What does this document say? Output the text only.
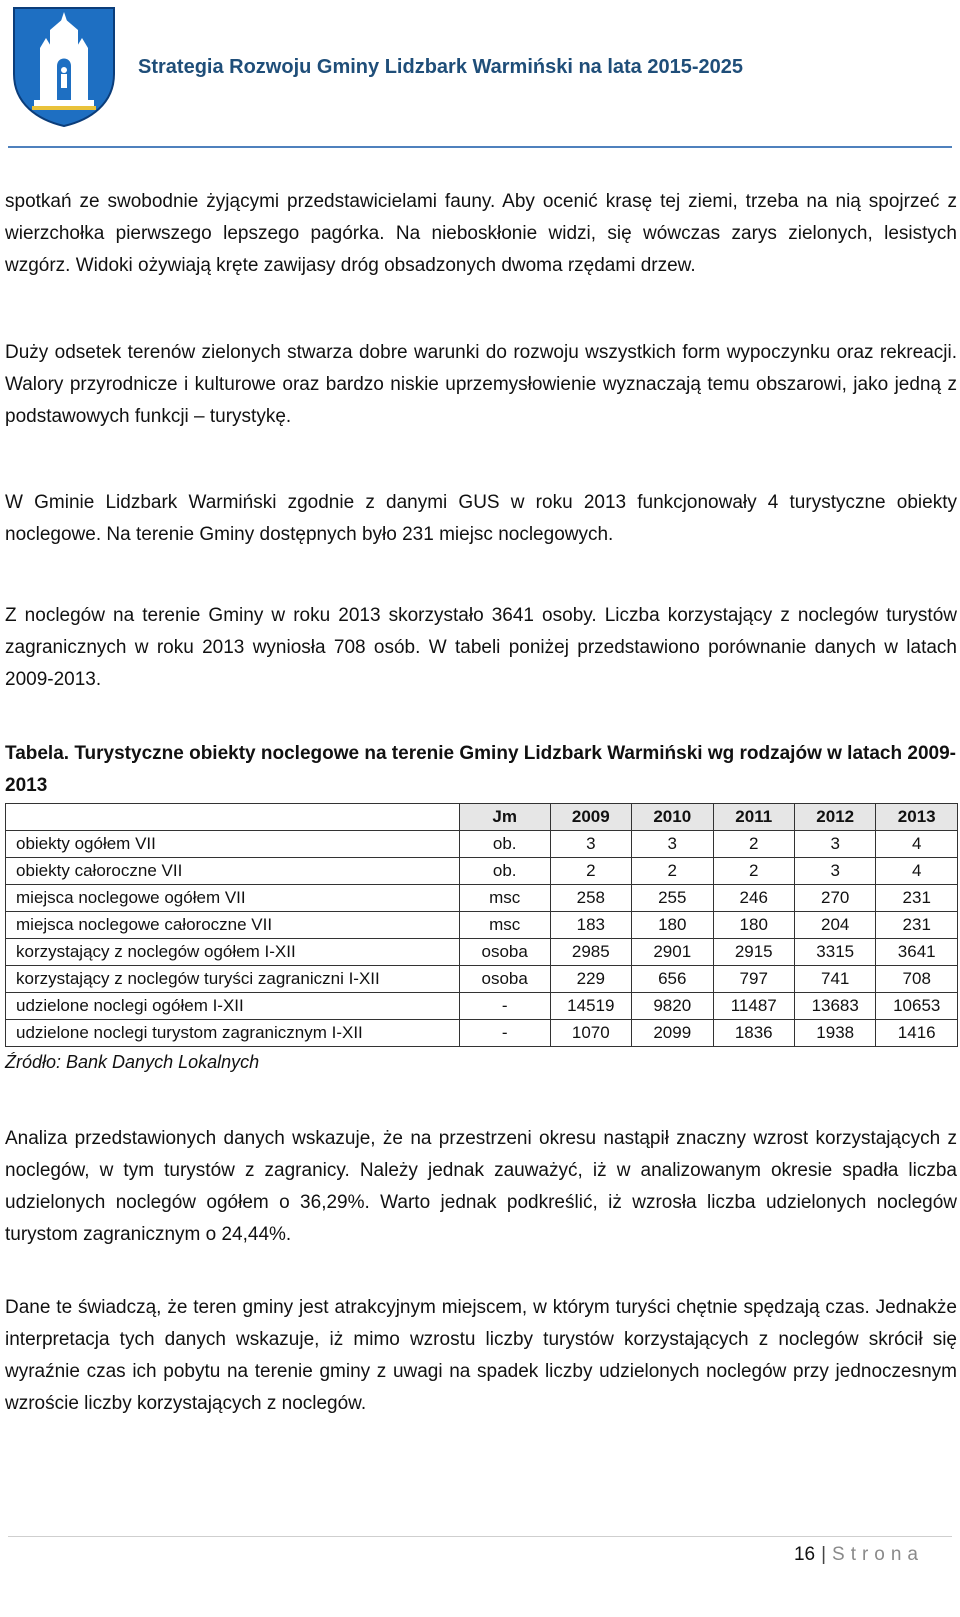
Strategia Rozwoju Gminy Lidzbark Warmiński na lata 2015-2025

spotkań ze swobodnie żyjącymi przedstawicielami fauny. Aby ocenić krasę tej ziemi, trzeba na nią spojrzeć z wierzchołka pierwszego lepszego pagórka. Na nieboskłonie widzi, się wówczas zarys zielonych, lesistych wzgórz. Widoki ożywiają kręte zawijasy dróg obsadzonych dwoma rzędami drzew.

Duży odsetek terenów zielonych stwarza dobre warunki do rozwoju wszystkich form wypoczynku oraz rekreacji. Walory przyrodnicze i kulturowe oraz bardzo niskie uprzemysłowienie wyznaczają temu obszarowi, jako jedną z podstawowych funkcji – turystykę.

W Gminie Lidzbark Warmiński zgodnie z danymi GUS w roku 2013 funkcjonowały 4 turystyczne obiekty noclegowe. Na terenie Gminy dostępnych było 231 miejsc noclegowych.

Z noclegów na terenie Gminy w roku 2013 skorzystało 3641 osoby. Liczba korzystający z noclegów turystów zagranicznych w roku 2013 wyniosła 708 osób. W tabeli poniżej przedstawiono porównanie danych w latach 2009-2013.

Tabela. Turystyczne obiekty noclegowe na terenie Gminy Lidzbark Warmiński wg rodzajów w latach 2009-2013

	Jm	2009	2010	2011	2012	2013
obiekty ogółem VII	ob.	3	3	2	3	4
obiekty całoroczne VII	ob.	2	2	2	3	4
miejsca noclegowe ogółem VII	msc	258	255	246	270	231
miejsca noclegowe całoroczne VII	msc	183	180	180	204	231
korzystający z noclegów ogółem I-XII	osoba	2985	2901	2915	3315	3641
korzystający z noclegów turyści zagraniczni I-XII	osoba	229	656	797	741	708
udzielone noclegi ogółem I-XII	-	14519	9820	11487	13683	10653
udzielone noclegi turystom zagranicznym I-XII	-	1070	2099	1836	1938	1416
Źródło: Bank Danych Lokalnych

Analiza przedstawionych danych wskazuje, że na przestrzeni okresu nastąpił znaczny wzrost korzystających z noclegów, w tym turystów z zagranicy. Należy jednak zauważyć, iż w analizowanym okresie spadła liczba udzielonych noclegów ogółem o 36,29%. Warto jednak podkreślić, iż wzrosła liczba udzielonych noclegów turystom zagranicznym o 24,44%.

Dane te świadczą, że teren gminy jest atrakcyjnym miejscem, w którym turyści chętnie spędzają czas. Jednakże interpretacja tych danych wskazuje, iż mimo wzrostu liczby turystów korzystających z noclegów skrócił się wyraźnie czas ich pobytu na terenie gminy z uwagi na spadek liczby udzielonych noclegów przy jednoczesnym wzroście liczby korzystających z noclegów.

16 | Strona
